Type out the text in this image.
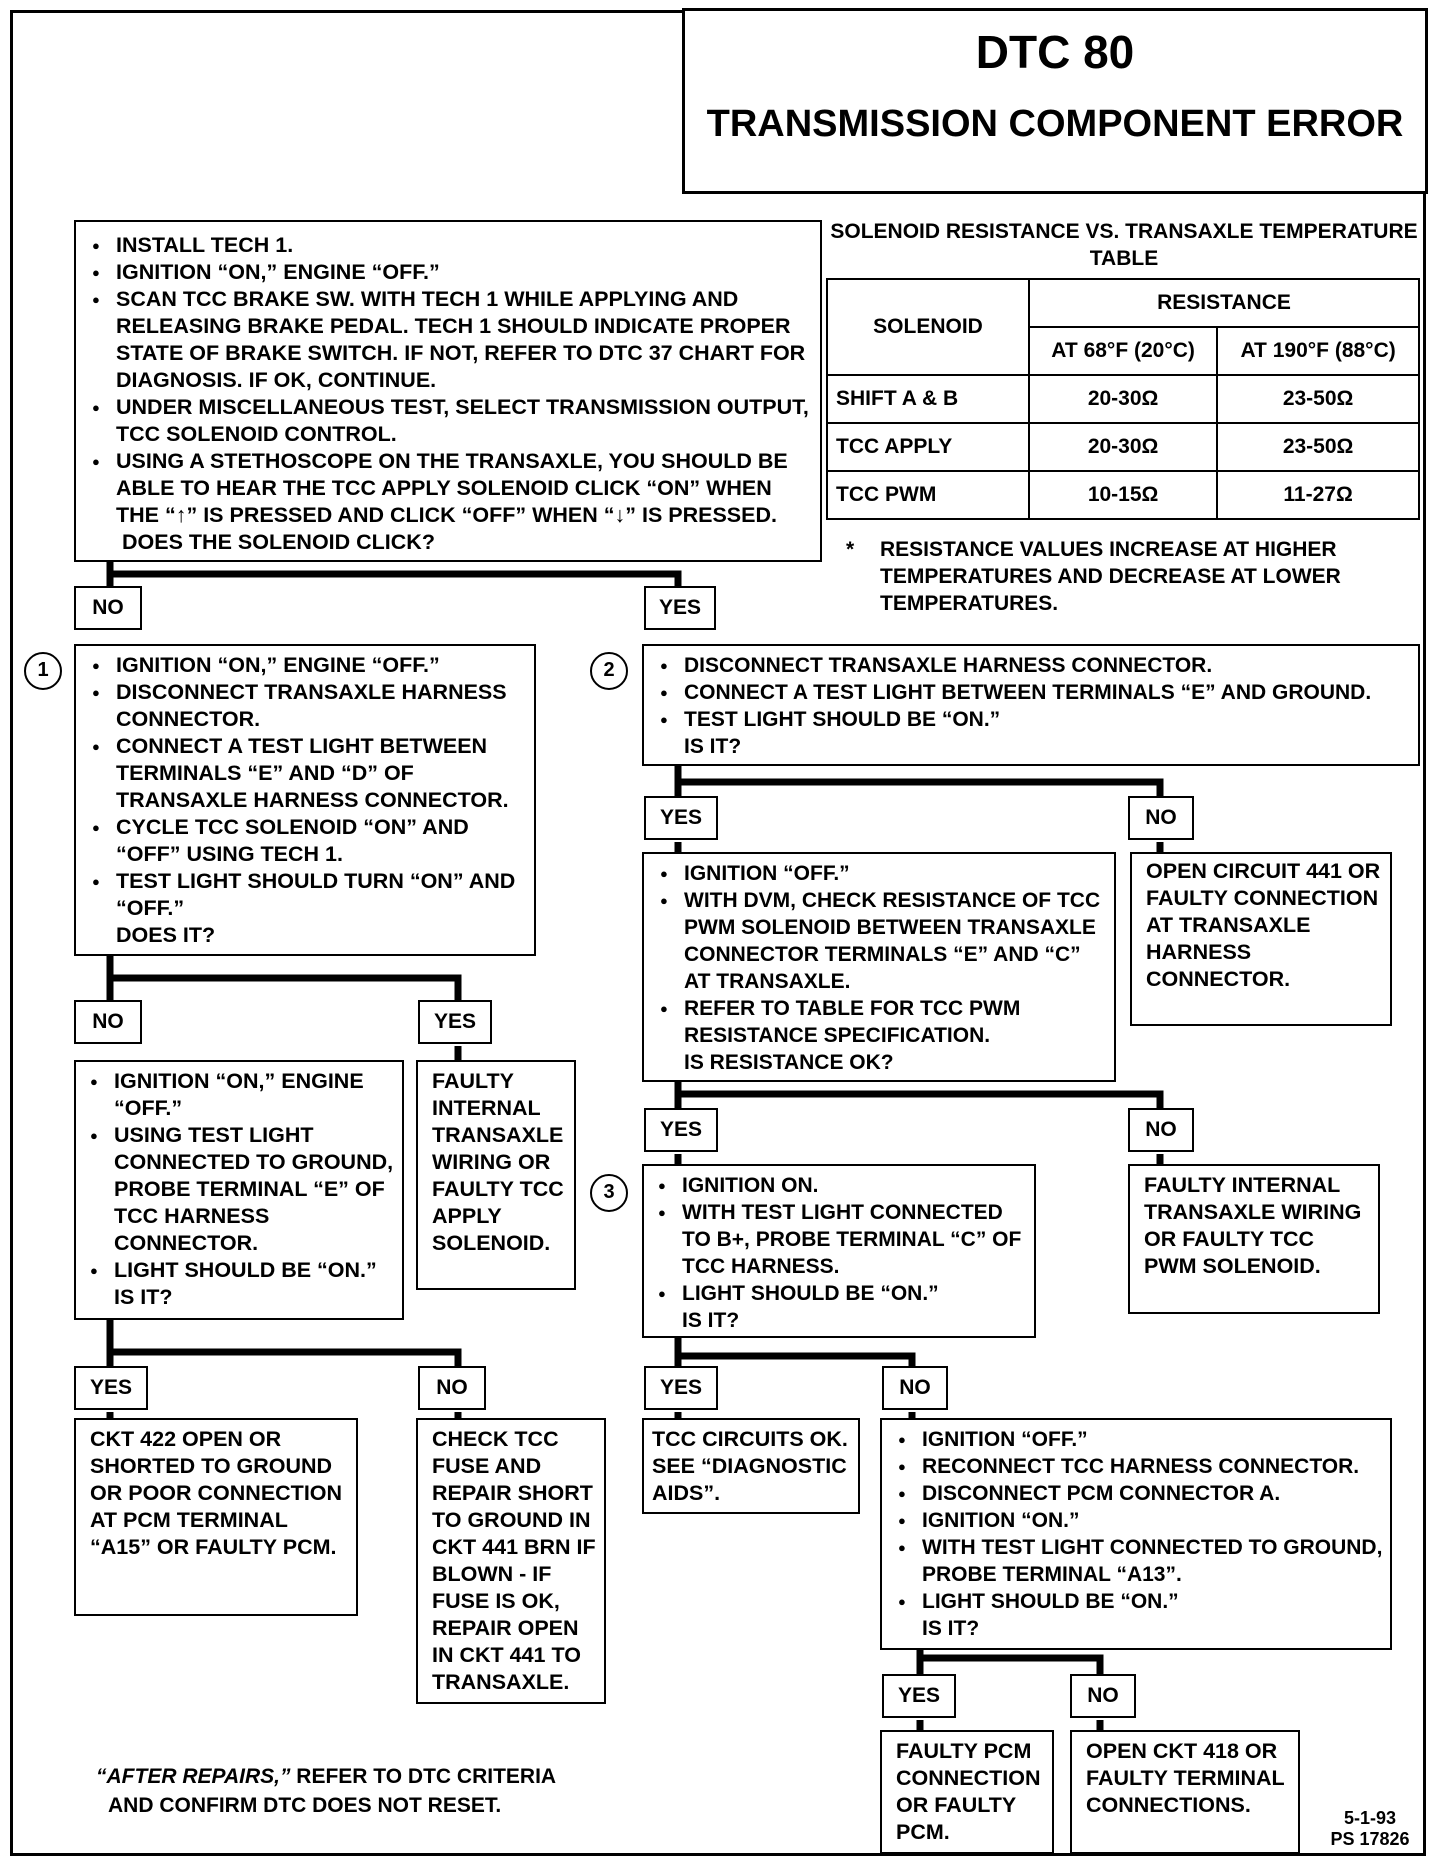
DTC 80
TRANSMISSION COMPONENT ERROR
● INSTALL TECH 1.
● IGNITION “ON,” ENGINE “OFF.”
● SCAN TCC BRAKE SW. WITH TECH 1 WHILE APPLYING AND RELEASING BRAKE PEDAL. TECH 1 SHOULD INDICATE PROPER STATE OF BRAKE SWITCH. IF NOT, REFER TO DTC 37 CHART FOR DIAGNOSIS. IF OK, CONTINUE.
● UNDER MISCELLANEOUS TEST, SELECT TRANSMISSION OUTPUT, TCC SOLENOID CONTROL.
● USING A STETHOSCOPE ON THE TRANSAXLE, YOU SHOULD BE ABLE TO HEAR THE TCC APPLY SOLENOID CLICK “ON” WHEN THE “↑” IS PRESSED AND CLICK “OFF” WHEN “↓” IS PRESSED.
DOES THE SOLENOID CLICK?
SOLENOID RESISTANCE VS. TRANSAXLE TEMPERATURE TABLE
SOLENOID	RESISTANCE	
	AT 68°F (20°C)	AT 190°F (88°C)
SHIFT A & B	20-30Ω	23-50Ω
TCC APPLY	20-30Ω	23-50Ω
TCC PWM	10-15Ω	11-27Ω
* RESISTANCE VALUES INCREASE AT HIGHER TEMPERATURES AND DECREASE AT LOWER TEMPERATURES.
NO	YES
1	● IGNITION “ON,” ENGINE “OFF.”
● DISCONNECT TRANSAXLE HARNESS CONNECTOR.
● CONNECT A TEST LIGHT BETWEEN TERMINALS “E” AND “D” OF TRANSAXLE HARNESS CONNECTOR.
● CYCLE TCC SOLENOID “ON” AND “OFF” USING TECH 1.
● TEST LIGHT SHOULD TURN “ON” AND “OFF.”
DOES IT?
2	● DISCONNECT TRANSAXLE HARNESS CONNECTOR.
● CONNECT A TEST LIGHT BETWEEN TERMINALS “E” AND GROUND.
● TEST LIGHT SHOULD BE “ON.”
IS IT?
NO	YES
● IGNITION “ON,” ENGINE “OFF.”
● USING TEST LIGHT CONNECTED TO GROUND, PROBE TERMINAL “E” OF TCC HARNESS CONNECTOR.
● LIGHT SHOULD BE “ON.”
IS IT?
FAULTY INTERNAL TRANSAXLE WIRING OR FAULTY TCC APPLY SOLENOID.
YES	NO
CKT 422 OPEN OR SHORTED TO GROUND OR POOR CONNECTION AT PCM TERMINAL “A15” OR FAULTY PCM.
CHECK TCC FUSE AND REPAIR SHORT TO GROUND IN CKT 441 BRN IF BLOWN - IF FUSE IS OK, REPAIR OPEN IN CKT 441 TO TRANSAXLE.
YES	NO
● IGNITION “OFF.”
● WITH DVM, CHECK RESISTANCE OF TCC PWM SOLENOID BETWEEN TRANSAXLE CONNECTOR TERMINALS “E” AND “C” AT TRANSAXLE.
● REFER TO TABLE FOR TCC PWM RESISTANCE SPECIFICATION.
IS RESISTANCE OK?
OPEN CIRCUIT 441 OR FAULTY CONNECTION AT TRANSAXLE HARNESS CONNECTOR.
YES	NO
3	● IGNITION ON.
● WITH TEST LIGHT CONNECTED TO B+, PROBE TERMINAL “C” OF TCC HARNESS.
● LIGHT SHOULD BE “ON.”
IS IT?
FAULTY INTERNAL TRANSAXLE WIRING OR FAULTY TCC PWM SOLENOID.
YES	NO
TCC CIRCUITS OK. SEE “DIAGNOSTIC AIDS”.
● IGNITION “OFF.”
● RECONNECT TCC HARNESS CONNECTOR.
● DISCONNECT PCM CONNECTOR A.
● IGNITION “ON.”
● WITH TEST LIGHT CONNECTED TO GROUND, PROBE TERMINAL “A13”.
● LIGHT SHOULD BE “ON.”
IS IT?
YES	NO
FAULTY PCM CONNECTION OR FAULTY PCM.
OPEN CKT 418 OR FAULTY TERMINAL CONNECTIONS.
“AFTER REPAIRS,” REFER TO DTC CRITERIA
AND CONFIRM DTC DOES NOT RESET.
5-1-93
PS 17826
